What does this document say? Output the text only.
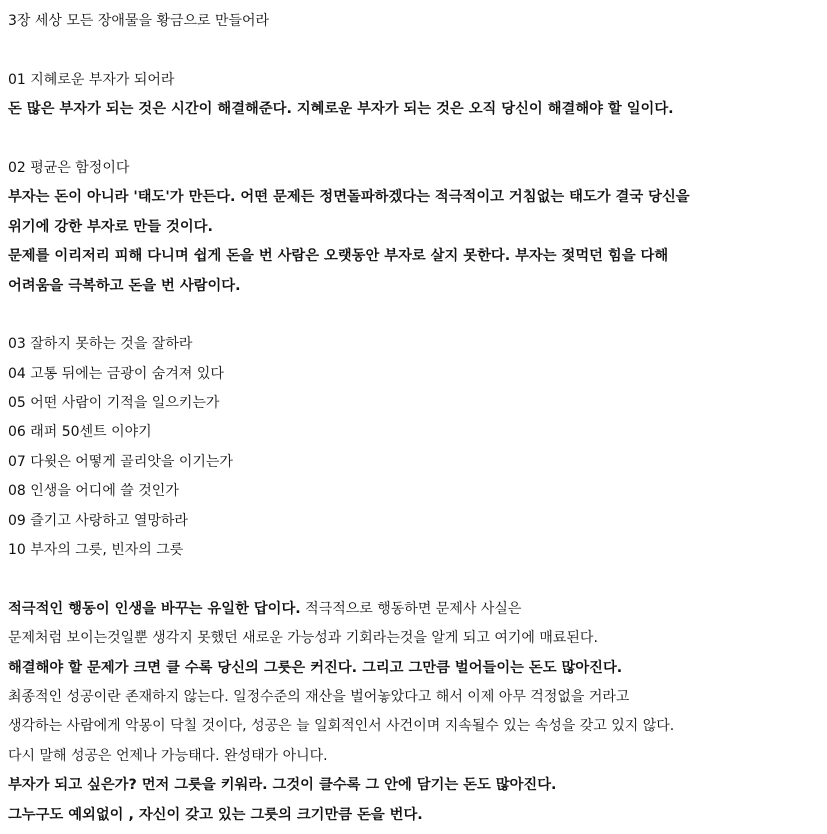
3장 세상 모든 장애물을 황금으로 만들어라
01 지혜로운 부자가 되어라
돈 많은 부자가 되는 것은 시간이 해결해준다. 지혜로운 부자가 되는 것은 오직 당신이 해결해야 할 일이다.
02 평균은 함정이다
부자는 돈이 아니라 '태도'가 만든다. 어떤 문제든 정면돌파하겠다는 적극적이고 거침없는 태도가 결국 당신을
위기에 강한 부자로 만들 것이다.
문제를 이리저리 피해 다니며 쉽게 돈을 번 사람은 오랫동안 부자로 살지 못한다. 부자는 젖먹던 힘을 다해
어려움을 극복하고 돈을 번 사람이다.
03 잘하지 못하는 것을 잘하라
04 고통 뒤에는 금광이 숨겨져 있다
05 어떤 사람이 기적을 일으키는가
06 래퍼 50센트 이야기
07 다윗은 어떻게 골리앗을 이기는가
08 인생을 어디에 쓸 것인가
09 즐기고 사랑하고 열망하라
10 부자의 그릇, 빈자의 그릇
적극적인 행동이 인생을 바꾸는 유일한 답이다. 적극적으로 행동하면 문제사 사실은
문제처럼 보이는것일뿐 생각지 못했던 새로운 가능성과 기회라는것을 알게 되고 여기에 매료된다.
해결해야 할 문제가 크면 클 수록 당신의 그릇은 커진다. 그리고 그만큼 벌어들이는 돈도 많아진다.
최종적인 성공이란 존재하지 않는다. 일정수준의 재산을 벌어놓았다고 해서 이제 아무 걱정없을 거라고
생각하는 사람에게 악몽이 닥칠 것이다, 성공은 늘 일회적인서 사건이며 지속될수 있는 속성을 갖고 있지 않다.
다시 말해 성공은 언제나 가능태다. 완성태가 아니다.
부자가 되고 싶은가? 먼저 그릇을 키워라. 그것이 클수록 그 안에 담기는 돈도 많아진다.
그누구도 예외없이 , 자신이 갖고 있는 그릇의 크기만큼 돈을 번다.
